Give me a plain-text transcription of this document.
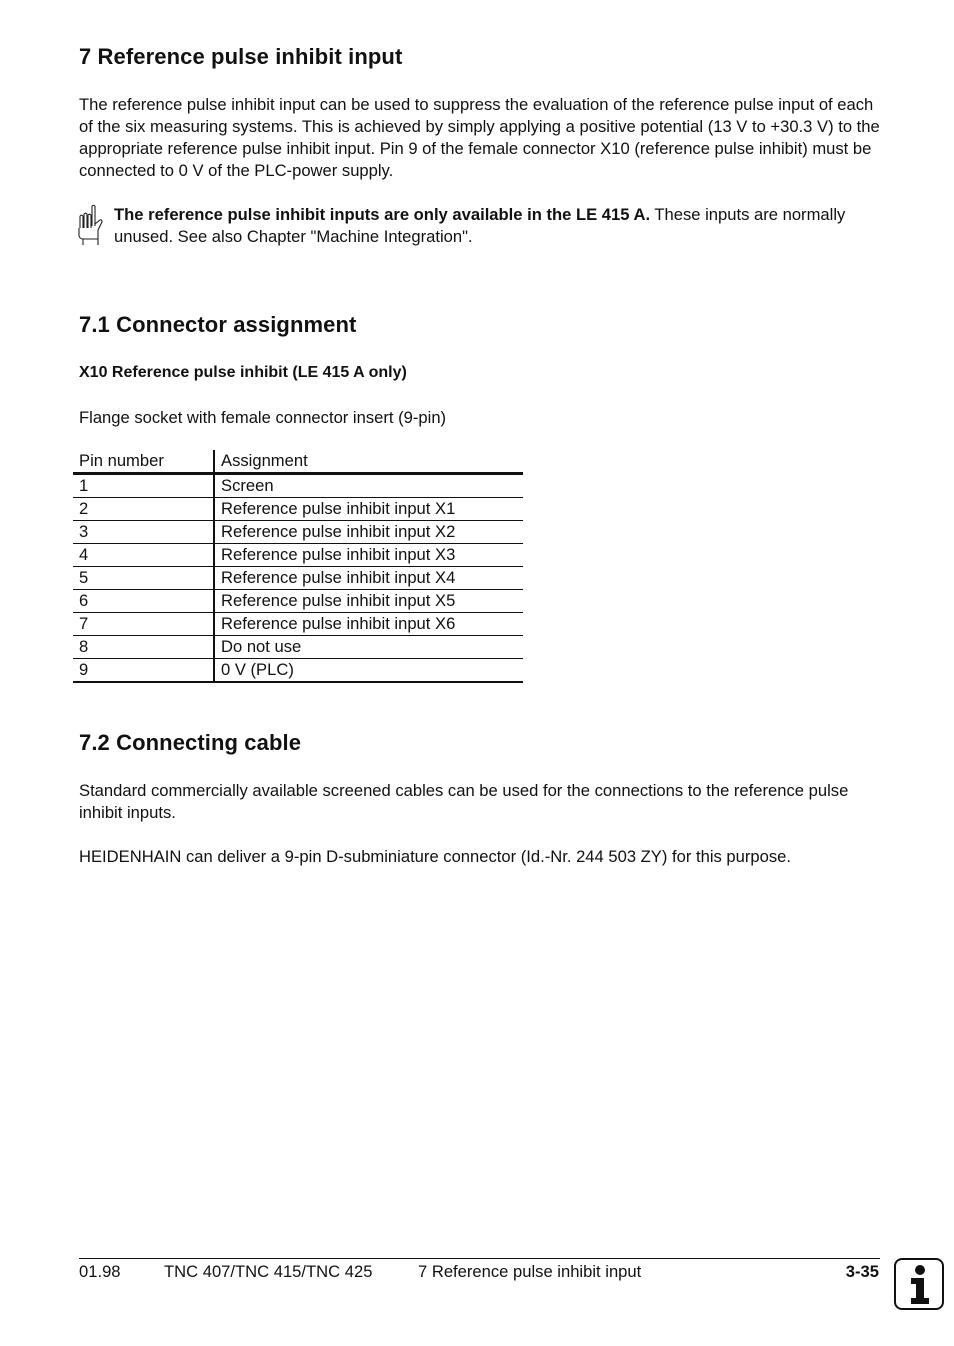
7 Reference pulse inhibit input

The reference pulse inhibit input can be used to suppress the evaluation of the reference pulse input of each of the six measuring systems. This is achieved by simply applying a positive potential (13 V to +30.3 V) to the appropriate reference pulse inhibit input. Pin 9 of the female connector X10 (reference pulse inhibit) must be connected to 0 V of the PLC-power supply.

The reference pulse inhibit inputs are only available in the LE 415 A. These inputs are normally unused. See also Chapter "Machine Integration".

7.1 Connector assignment
X10 Reference pulse inhibit (LE 415 A only)

Flange socket with female connector insert (9-pin)

Pin number	Assignment
1	Screen
2	Reference pulse inhibit input X1
3	Reference pulse inhibit input X2
4	Reference pulse inhibit input X3
5	Reference pulse inhibit input X4
6	Reference pulse inhibit input X5
7	Reference pulse inhibit input X6
8	Do not use
9	0 V (PLC)
7.2 Connecting cable

Standard commercially available screened cables can be used for the connections to the reference pulse inhibit inputs.

HEIDENHAIN can deliver a 9-pin D-subminiature connector (Id.-Nr. 244 503 ZY) for this purpose.

01.98	TNC 407/TNC 415/TNC 425	7 Reference pulse inhibit input	3-35
